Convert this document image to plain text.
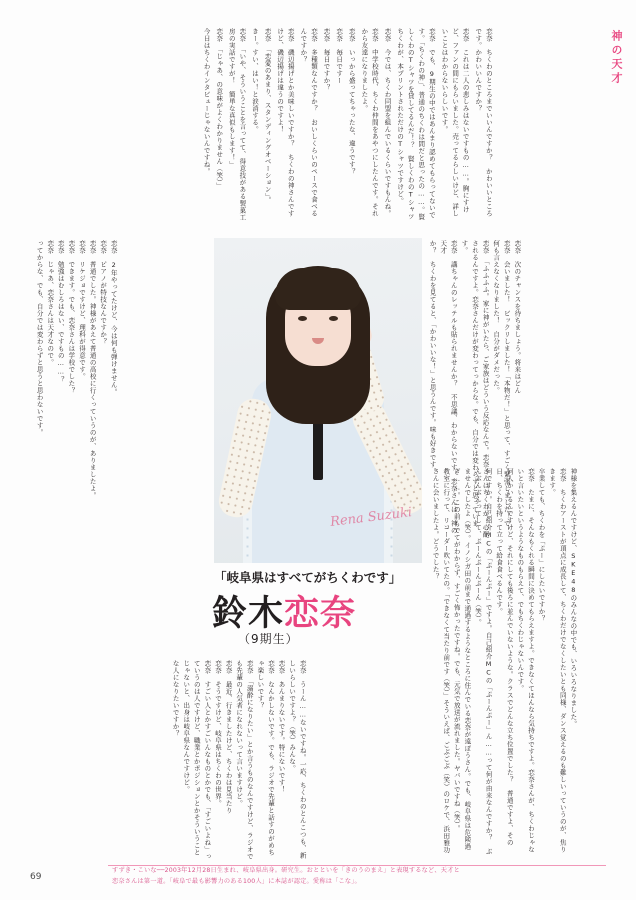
神の天才
今日はちくわインタビューじゃないんですね。 恋奈　「じゃあ、の意味がよくわかりません（笑）」	恋奈　「いや、そういうことを言ってて、得意技がある製菓工房の実話ですが！　簡単な真似もします！」	きー。すい、はい！と涙消する。 恋奈　「恋愛のあまり、スタンディングオベーション」。	恋奈　磯辺揚げとか美味しいですか？　ちくわの神さんですけど、磯辺揚げは違うのですよ！	恋奈　多種類なんですか？　おいしくらいのペースで食べるんですか？	恋奈　毎日ですか？ 恋奈　毎日ですー 恋奈　いっから盛ってちゃったな、違うです？	恋奈　中学校時代、ちくわ仲間をあやつにしたんです。それから友達になりましたよ。	恋奈　今では、ちくわ同盟を組んでいるくらいですもんね。	恋奈　でも、9期生の中ではあんまり認めてもらってないです。「ちくわの神」、普通のちくわは間だと思ったの……。賢しくわのTシャツを貸してるんだ！？　賢しくわのTシャツちくわが、本プリントされただけのTシャツですけど。	恋奈　これは二人の悲しみはないですもの……。胸にすけど、ファンの間にもらいました。売ってるらしいけど、詳しいことはわからないらしいです。	恋奈　ちくわのところまでいいんですか？　かわいいところです。かわいいんですか？
か？　ちくわを見てると、「かわいいな！」と思うんです。味も好きです。	恋奈　講ちゃんのレッテルも貼られませんか？　不思議、わからないです。恋奈さんは、神の天才	恋奈　「ふふふふ。家に神がいたら、ご家族はどういう反応なんで。恋奈さんはちくわが、心配されるんですよ。恋奈さんだけが変わってっからな。でも、自分では変わらずと思っています。	恋奈　会いました！　ビックリしました！「本物だ！」と思って、すごく緊張しました！で、何も言えなくなりました！　自分がダメだった。	恋奈　次のチャンスを待ちましょう。将来はどん
ってからな、でも、自分では変わらずと思うと思わないです。 恋奈　じゃあ、恋奈さんは天才なので。 恋奈　勉強はむしろはない、ですもの……？ 恋奈　できます。でも、恋奈さんは学校でした？ 恋奈　リケジョですけど、理科が得意です。 恋奈　普通でした。神様があえて普通の高校に行くっていうのが、ありましたよ。 恋奈　ピアノが特技なんですか？ 恋奈　2年やってたけど、今は何も弾けません。
Rena Suzuki
「岐阜県はすべてがちくわです」
鈴木恋奈
（9期生）	教室に行って、リコーダー吹いてたの。「できなくて当たり前です（笑）」そういえば、ごぶごぶ（笑）のロケで、浜田雅功さんに会いましたよ。どうでした？	ませんでしたよ（笑）。イノシガ田の前まで通過するようなところに住んでいる恋奈が遠ぼうさん。でも、岐阜県は危険過ぎ……。この前もでてがわからず、すごく怖かったですね。でも、元気で放送が流れました。ヤバいですね（笑）。	何ですか。自己紹介MCの「ぷーんぷー」ですよ。自己紹介MCの「ぷーんぷー」ん……って何が由来なんですか？　ぶんぶんぶんってして、ぷーんぷーんぷーん（笑）。	何人かいるんですけど、それにしても後ろに並んでいないような。クラスでどんな立ち位置でした？　普通ですよ、その日、ちくわを持って立って給食食べるんです。	恋奈　たまに、そんなもくれる瞬間に決めてもらえますよ。できなくてほんなら気持ちですよ。恋奈さんが、ちくわじゃないと言いたいというようなものもらえて、でもちくわじゃないんです。	卒業しても、ちくわを「ぷー」にしたいですか？	恋奈　ちくわアーストが頂点に成長して、ちくわだけでなくしたいとも同様、ダンス覚えるのも難しいっていうのが、焦りきます。	神様を集えるんですけど、SKE48のみんなの中でも、いろいろなりました。
な人になりたいですか？	恋奈　すごい人とかすごいんなものとかでも、「すごいよね」っていうのは人ですけど、職業とかポジションとかそういうことじゃないと、出身は岐阜県なんですけど。	恋奈　そうですけど、岐阜県はちくわの世界。 恋奈　最近、行きましたけど、ちくわは見当たり	恋奈　「溺酔になりたい」とか言うものなんですけど、ラジオでも先輩の人気者になれないって言いますけど。	恋奈　なんかしないです。でも、ラジオで先輩と話すのがめちゃ楽しいです？	恋奈　あんまりないです。特にないです！	恋奈　うーん……ないですね。一応、ちくわのとんこつも、新しいらしいですよ？（笑）みんな。
69
すずき・こいな──2003年12月28日生まれ、岐阜県出身。研究生。おとといを「きのうのまえ」と表現するなど、天才と
恋奈さんは第一道。「岐阜で最も影響力のある100人」に本誌が認定。愛称は「こな」。
